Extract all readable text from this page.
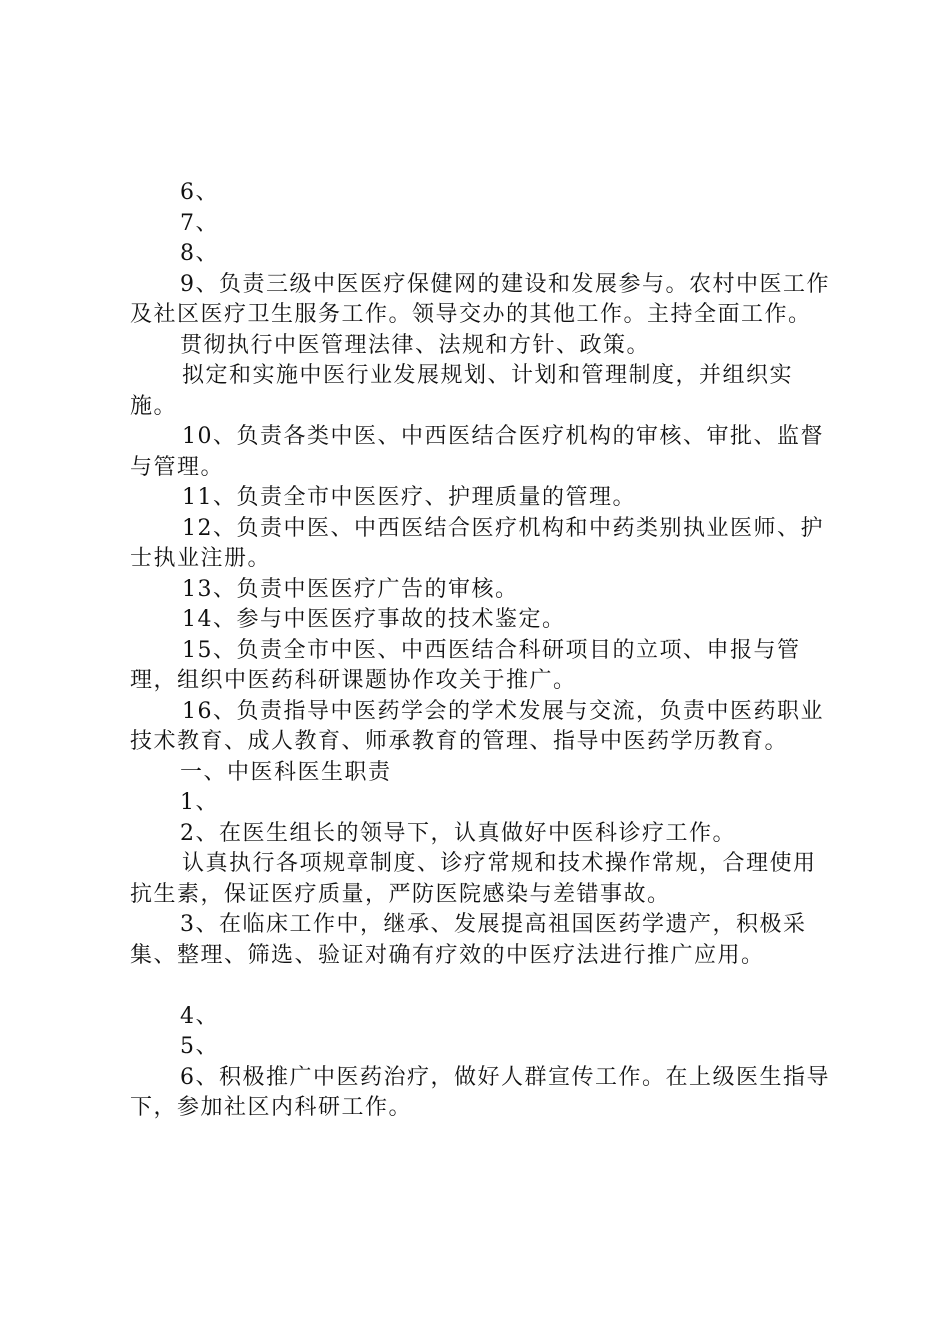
6、

7、

8、

9、负责三级中医医疗保健网的建设和发展参与。农村中医工作及社区医疗卫生服务工作。领导交办的其他工作。主持全面工作。

贯彻执行中医管理法律、法规和方针、政策。

拟定和实施中医行业发展规划、计划和管理制度，并组织实施。

10、负责各类中医、中西医结合医疗机构的审核、审批、监督与管理。

11、负责全市中医医疗、护理质量的管理。

12、负责中医、中西医结合医疗机构和中药类别执业医师、护士执业注册。

13、负责中医医疗广告的审核。

14、参与中医医疗事故的技术鉴定。

15、负责全市中医、中西医结合科研项目的立项、申报与管理，组织中医药科研课题协作攻关于推广。

16、负责指导中医药学会的学术发展与交流，负责中医药职业技术教育、成人教育、师承教育的管理、指导中医药学历教育。

一、中医科医生职责

1、

2、在医生组长的领导下，认真做好中医科诊疗工作。

认真执行各项规章制度、诊疗常规和技术操作常规，合理使用抗生素，保证医疗质量，严防医院感染与差错事故。

3、在临床工作中，继承、发展提高祖国医药学遗产，积极采集、整理、筛选、验证对确有疗效的中医疗法进行推广应用。

4、

5、

6、积极推广中医药治疗，做好人群宣传工作。在上级医生指导下，参加社区内科研工作。
